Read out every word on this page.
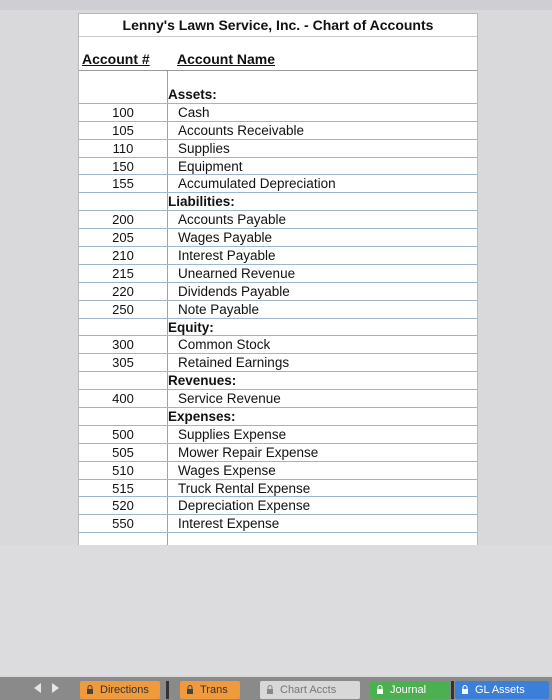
Lenny's Lawn Service, Inc. - Chart of Accounts
Account # Account Name
Assets:
100	Cash
105	Accounts Receivable
110	Supplies
150	Equipment
155	Accumulated Depreciation
Liabilities:
200	Accounts Payable
205	Wages Payable
210	Interest Payable
215	Unearned Revenue
220	Dividends Payable
250	Note Payable
Equity:
300	Common Stock
305	Retained Earnings
Revenues:
400	Service Revenue
Expenses:
500	Supplies Expense
505	Mower Repair Expense
510	Wages Expense
515	Truck Rental Expense
520	Depreciation Expense
550	Interest Expense
Directions	Trans	Chart Accts	Journal	GL Assets
